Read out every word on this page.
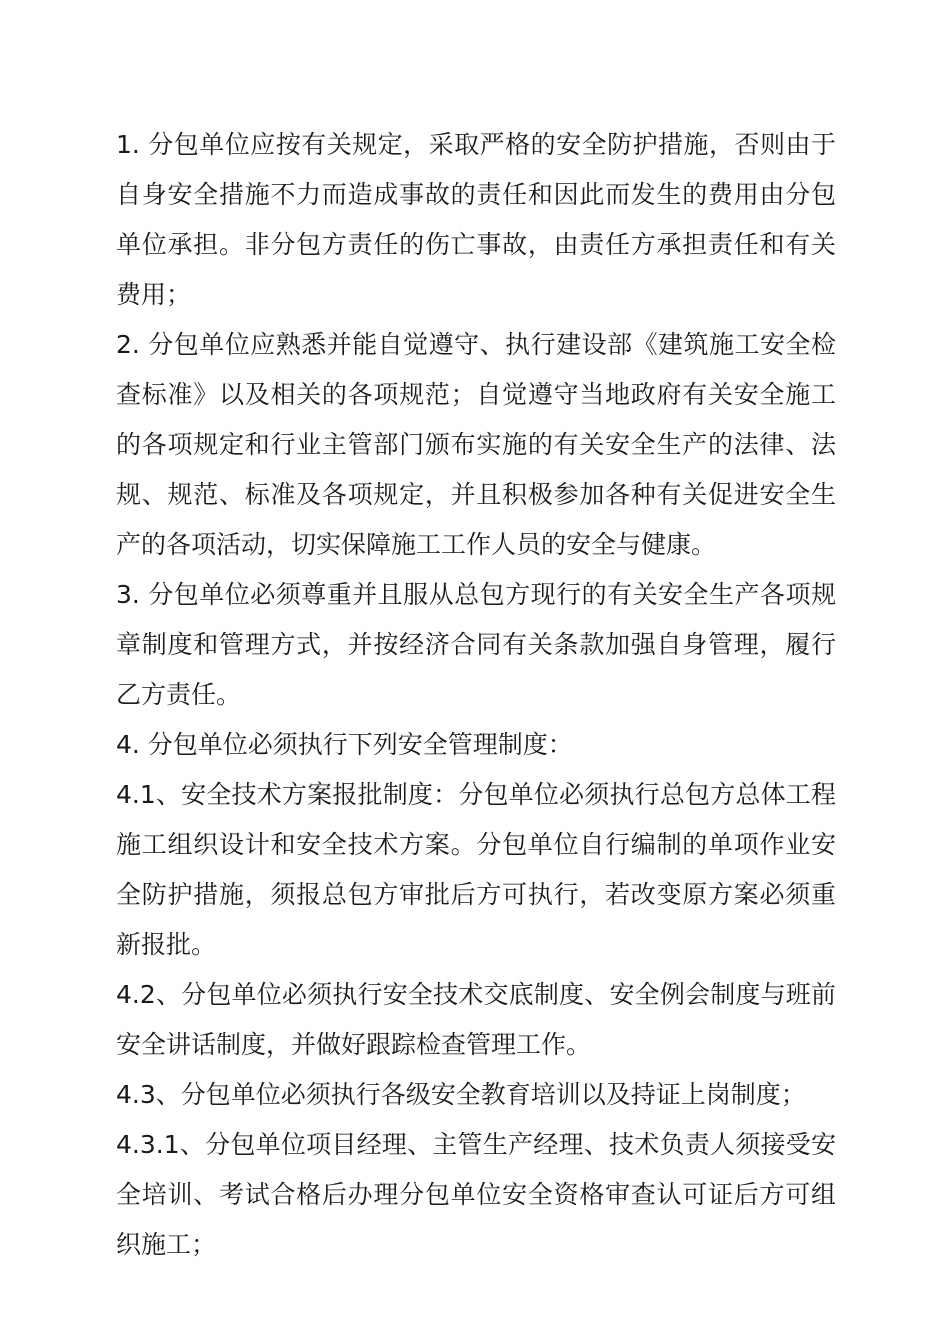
1. 分包单位应按有关规定，采取严格的安全防护措施，否则由于自身安全措施不力而造成事故的责任和因此而发生的费用由分包单位承担。非分包方责任的伤亡事故，由责任方承担责任和有关费用；

2. 分包单位应熟悉并能自觉遵守、执行建设部《建筑施工安全检查标准》以及相关的各项规范；自觉遵守当地政府有关安全施工的各项规定和行业主管部门颁布实施的有关安全生产的法律、法规、规范、标准及各项规定，并且积极参加各种有关促进安全生产的各项活动，切实保障施工工作人员的安全与健康。

3. 分包单位必须尊重并且服从总包方现行的有关安全生产各项规章制度和管理方式，并按经济合同有关条款加强自身管理，履行乙方责任。

4. 分包单位必须执行下列安全管理制度：

4.1、安全技术方案报批制度：分包单位必须执行总包方总体工程施工组织设计和安全技术方案。分包单位自行编制的单项作业安全防护措施，须报总包方审批后方可执行，若改变原方案必须重新报批。

4.2、分包单位必须执行安全技术交底制度、安全例会制度与班前安全讲话制度，并做好跟踪检查管理工作。

4.3、分包单位必须执行各级安全教育培训以及持证上岗制度；

4.3.1、分包单位项目经理、主管生产经理、技术负责人须接受安全培训、考试合格后办理分包单位安全资格审查认可证后方可组织施工；
